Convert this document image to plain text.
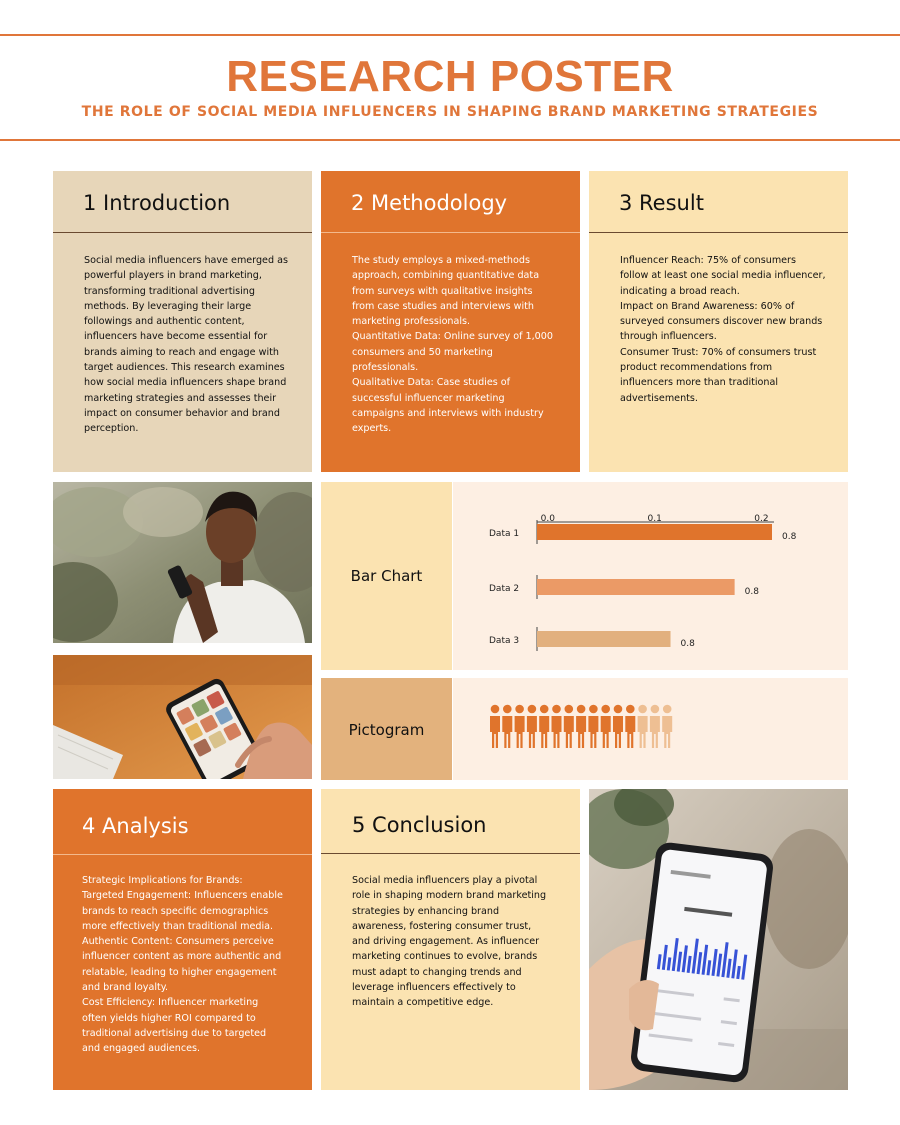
RESEARCH POSTER
THE ROLE OF SOCIAL MEDIA INFLUENCERS IN SHAPING BRAND MARKETING STRATEGIES
1 Introduction

Social media influencers have emerged as powerful players in brand marketing, transforming traditional advertising methods. By leveraging their large followings and authentic content, influencers have become essential for brands aiming to reach and engage with target audiences. This research examines how social media influencers shape brand marketing strategies and assesses their impact on consumer behavior and brand perception.

2 Methodology

The study employs a mixed-methods approach, combining quantitative data from surveys with qualitative insights from case studies and interviews with marketing professionals.

Quantitative Data: Online survey of 1,000 consumers and 50 marketing professionals.

Qualitative Data: Case studies of successful influencer marketing campaigns and interviews with industry experts.

3 Result

Influencer Reach: 75% of consumers follow at least one social media influencer, indicating a broad reach.

Impact on Brand Awareness: 60% of surveyed consumers discover new brands through influencers.

Consumer Trust: 70% of consumers trust product recommendations from influencers more than traditional advertisements.

Bar Chart
0.0	0.1	0.2
Data 1	0.8
Data 2	0.8
Data 3	0.8
Pictogram
4 Analysis

Strategic Implications for Brands:

Targeted Engagement: Influencers enable brands to reach specific demographics more effectively than traditional media.

Authentic Content: Consumers perceive influencer content as more authentic and relatable, leading to higher engagement and brand loyalty.

Cost Efficiency: Influencer marketing often yields higher ROI compared to traditional advertising due to targeted and engaged audiences.

5 Conclusion

Social media influencers play a pivotal role in shaping modern brand marketing strategies by enhancing brand awareness, fostering consumer trust, and driving engagement. As influencer marketing continues to evolve, brands must adapt to changing trends and leverage influencers effectively to maintain a competitive edge.
